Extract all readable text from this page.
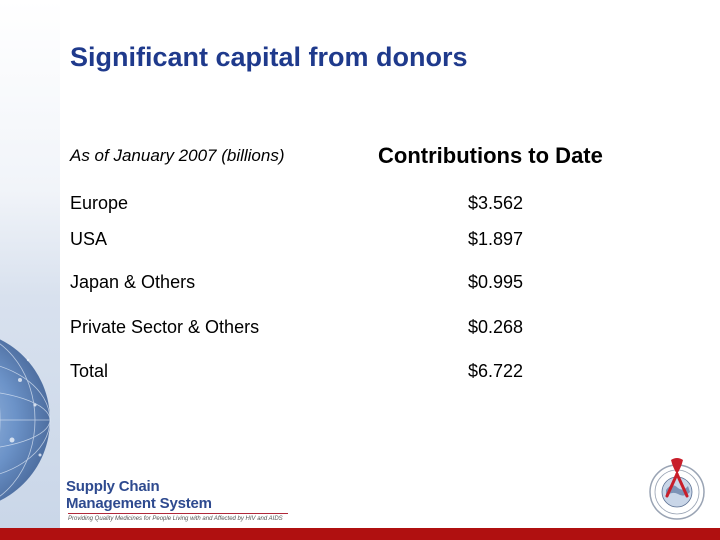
Significant capital from donors
As of January 2007 (billions)	Contributions to Date
Europe	$3.562
USA	$1.897
Japan & Others	$0.995
Private Sector & Others	$0.268
Total	$6.722
Supply Chain
Management System
Providing Quality Medicines for People Living with and Affected by HIV and AIDS
